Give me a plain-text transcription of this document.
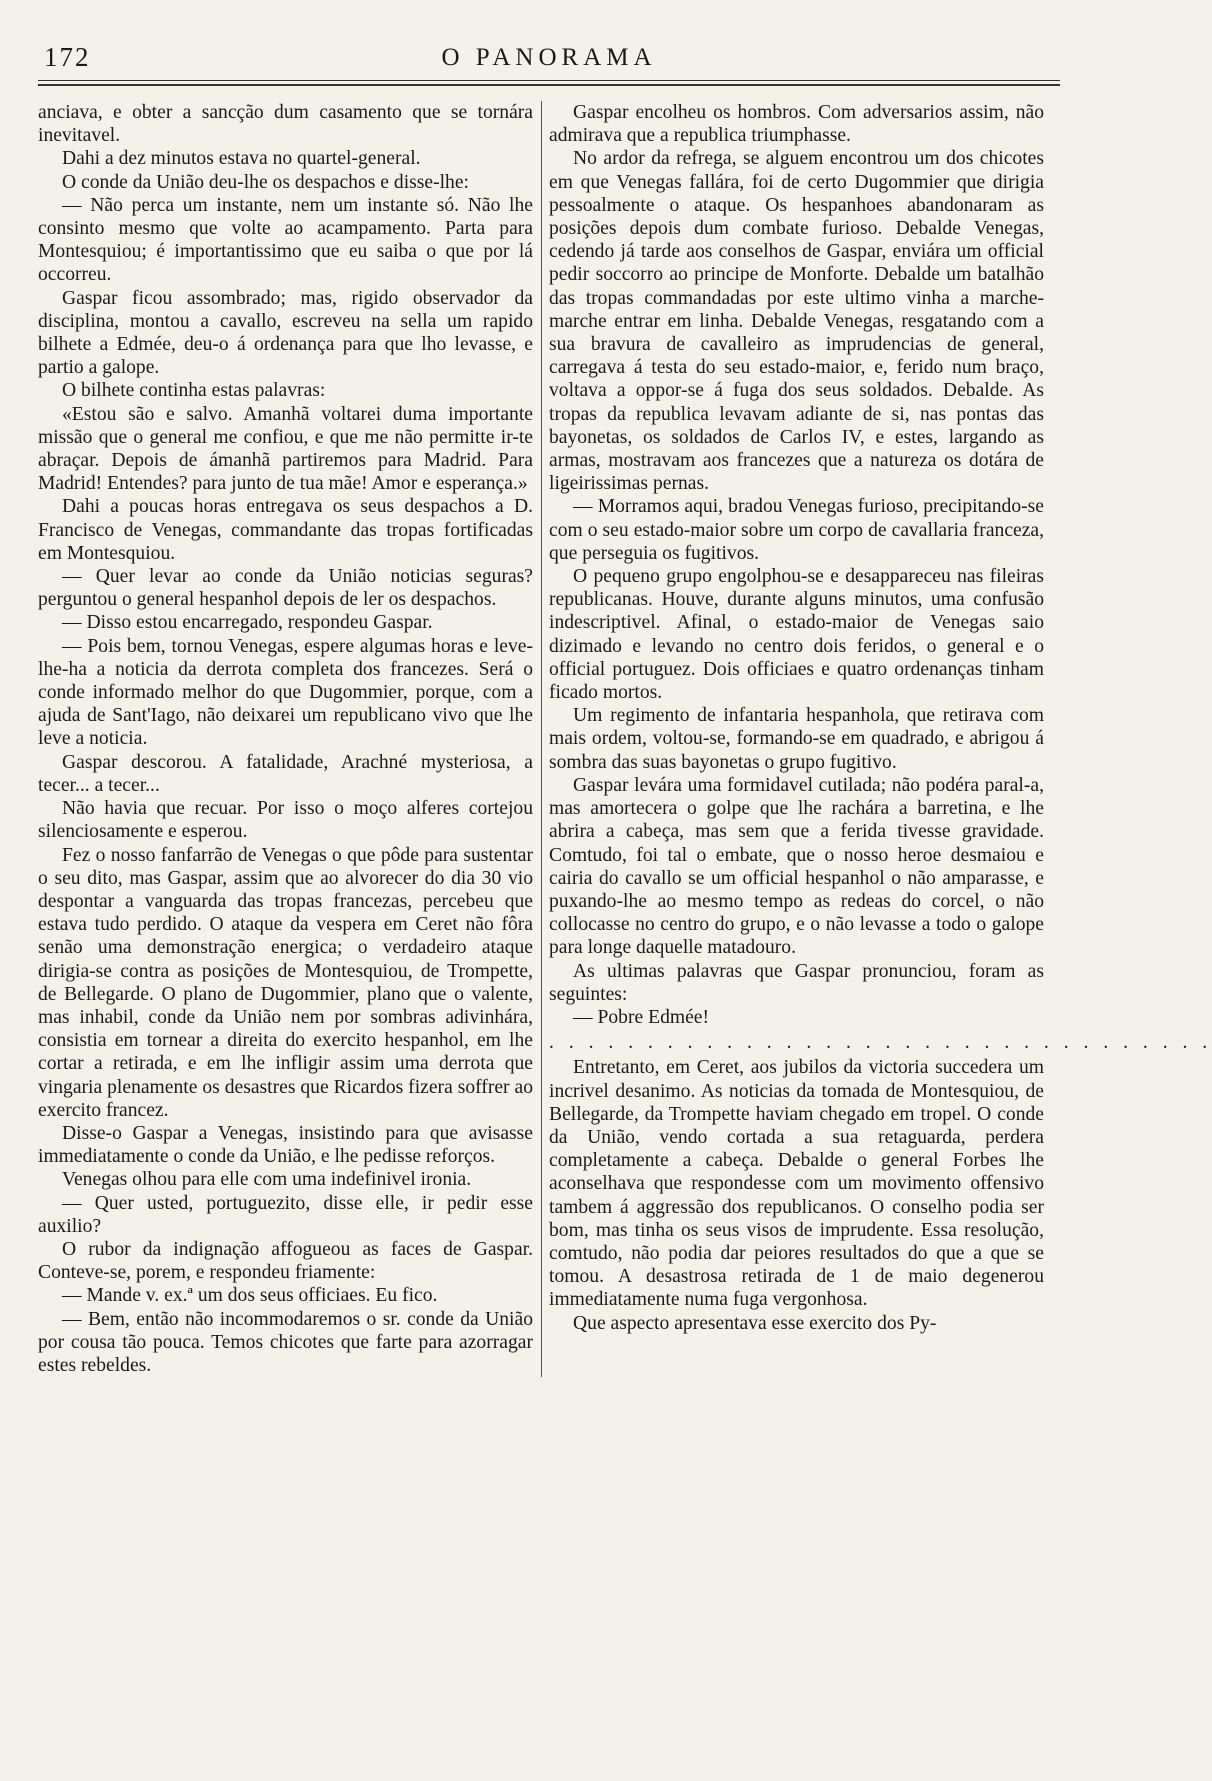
172	O PANORAMA

anciava, e obter a sancção dum casamento que se tornára inevitavel.

Dahi a dez minutos estava no quartel-general.

O conde da União deu-lhe os despachos e disse-lhe:

— Não perca um instante, nem um instante só. Não lhe consinto mesmo que volte ao acampamento. Parta para Montesquiou; é importantissimo que eu saiba o que por lá occorreu.

Gaspar ficou assombrado; mas, rigido observador da disciplina, montou a cavallo, escreveu na sella um rapido bilhete a Edmée, deu-o á ordenança para que lho levasse, e partio a galope.

O bilhete continha estas palavras:

«Estou são e salvo. Amanhã voltarei duma importante missão que o general me confiou, e que me não permitte ir-te abraçar. Depois de ámanhã partiremos para Madrid. Para Madrid! Entendes? para junto de tua mãe! Amor e esperança.»

Dahi a poucas horas entregava os seus despachos a D. Francisco de Venegas, commandante das tropas fortificadas em Montesquiou.

— Quer levar ao conde da União noticias seguras? perguntou o general hespanhol depois de ler os despachos.

— Disso estou encarregado, respondeu Gaspar.

— Pois bem, tornou Venegas, espere algumas horas e leve-lhe-ha a noticia da derrota completa dos francezes. Será o conde informado melhor do que Dugommier, porque, com a ajuda de Sant'Iago, não deixarei um republicano vivo que lhe leve a noticia.

Gaspar descorou. A fatalidade, Arachné mysteriosa, a tecer... a tecer...

Não havia que recuar. Por isso o moço alferes cortejou silenciosamente e esperou.

Fez o nosso fanfarrão de Venegas o que pôde para sustentar o seu dito, mas Gaspar, assim que ao alvorecer do dia 30 vio despontar a vanguarda das tropas francezas, percebeu que estava tudo perdido. O ataque da vespera em Ceret não fôra senão uma demonstração energica; o verdadeiro ataque dirigia-se contra as posições de Montesquiou, de Trompette, de Bellegarde. O plano de Dugommier, plano que o valente, mas inhabil, conde da União nem por sombras adivinhára, consistia em tornear a direita do exercito hespanhol, em lhe cortar a retirada, e em lhe infligir assim uma derrota que vingaria plenamente os desastres que Ricardos fizera soffrer ao exercito francez.

Disse-o Gaspar a Venegas, insistindo para que avisasse immediatamente o conde da União, e lhe pedisse reforços.

Venegas olhou para elle com uma indefinivel ironia.

— Quer usted, portuguezito, disse elle, ir pedir esse auxilio?

O rubor da indignação affogueou as faces de Gaspar. Conteve-se, porem, e respondeu friamente:

— Mande v. ex.ª um dos seus officiaes. Eu fico.

— Bem, então não incommodaremos o sr. conde da União por cousa tão pouca. Temos chicotes que farte para azorragar estes rebeldes.

Gaspar encolheu os hombros. Com adversarios assim, não admirava que a republica triumphasse.

No ardor da refrega, se alguem encontrou um dos chicotes em que Venegas fallára, foi de certo Dugommier que dirigia pessoalmente o ataque. Os hespanhoes abandonaram as posições depois dum combate furioso. Debalde Venegas, cedendo já tarde aos conselhos de Gaspar, enviára um official pedir soccorro ao principe de Monforte. Debalde um batalhão das tropas commandadas por este ultimo vinha a marche-marche entrar em linha. Debalde Venegas, resgatando com a sua bravura de cavalleiro as imprudencias de general, carregava á testa do seu estado-maior, e, ferido num braço, voltava a oppor-se á fuga dos seus soldados. Debalde. As tropas da republica levavam adiante de si, nas pontas das bayonetas, os soldados de Carlos IV, e estes, largando as armas, mostravam aos francezes que a natureza os dotára de ligeirissimas pernas.

— Morramos aqui, bradou Venegas furioso, precipitando-se com o seu estado-maior sobre um corpo de cavallaria franceza, que perseguia os fugitivos.

O pequeno grupo engolphou-se e desappareceu nas fileiras republicanas. Houve, durante alguns minutos, uma confusão indescriptivel. Afinal, o estado-maior de Venegas saio dizimado e levando no centro dois feridos, o general e o official portuguez. Dois officiaes e quatro ordenanças tinham ficado mortos.

Um regimento de infantaria hespanhola, que retirava com mais ordem, voltou-se, formando-se em quadrado, e abrigou á sombra das suas bayonetas o grupo fugitivo.

Gaspar levára uma formidavel cutilada; não podéra paral-a, mas amortecera o golpe que lhe rachára a barretina, e lhe abrira a cabeça, mas sem que a ferida tivesse gravidade. Comtudo, foi tal o embate, que o nosso heroe desmaiou e cairia do cavallo se um official hespanhol o não amparasse, e puxando-lhe ao mesmo tempo as redeas do corcel, o não collocasse no centro do grupo, e o não levasse a todo o galope para longe daquelle matadouro.

As ultimas palavras que Gaspar pronunciou, foram as seguintes:

— Pobre Edmée!

. . . . . . . . . . . . . . . . . . . . . . . . . . . . . . . . . .

Entretanto, em Ceret, aos jubilos da victoria succedera um incrivel desanimo. As noticias da tomada de Montesquiou, de Bellegarde, da Trompette haviam chegado em tropel. O conde da União, vendo cortada a sua retaguarda, perdera completamente a cabeça. Debalde o general Forbes lhe aconselhava que respondesse com um movimento offensivo tambem á aggressão dos republicanos. O conselho podia ser bom, mas tinha os seus visos de imprudente. Essa resolução, comtudo, não podia dar peiores resultados do que a que se tomou. A desastrosa retirada de 1 de maio degenerou immediatamente numa fuga vergonhosa.

Que aspecto apresentava esse exercito dos Py-
